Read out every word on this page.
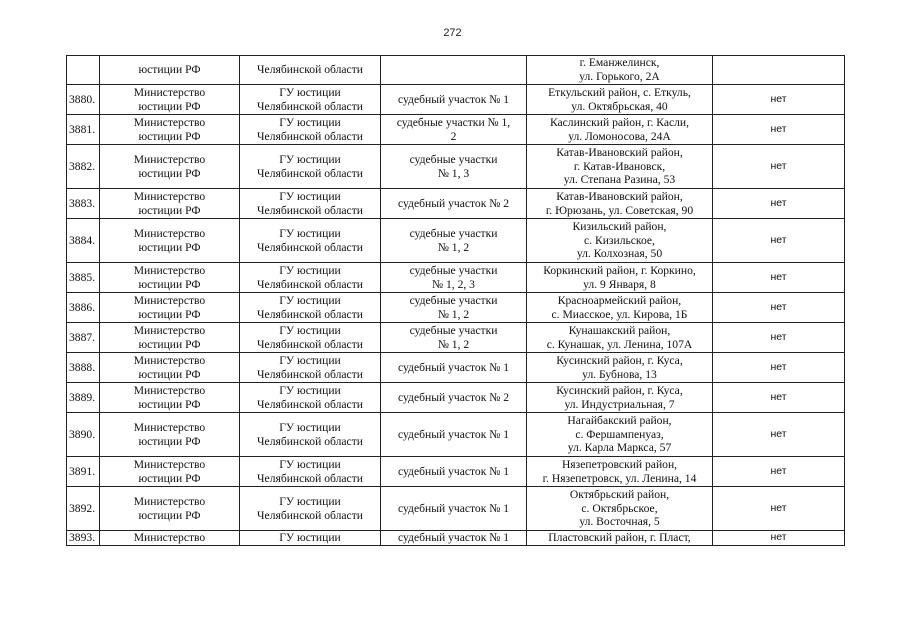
272
	юстиции РФ	Челябинской области		г. Еманжелинск,
ул. Горького, 2А	

3880.	Министерство
юстиции РФ	ГУ юстиции
Челябинской области	судебный участок № 1	Еткульский район, с. Еткуль,
ул. Октябрьская, 40	нет
3881.	Министерство
юстиции РФ	ГУ юстиции
Челябинской области	судебные участки № 1,
2	Каслинский район, г. Касли,
ул. Ломоносова, 24А	нет
3882.	Министерство
юстиции РФ	ГУ юстиции
Челябинской области	судебные участки
№ 1, 3	Катав-Ивановский район,
г. Катав-Ивановск,
ул. Степана Разина, 53	нет
3883.	Министерство
юстиции РФ	ГУ юстиции
Челябинской области	судебный участок № 2	Катав-Ивановский район,
г. Юрюзань, ул. Советская, 90	нет
3884.	Министерство
юстиции РФ	ГУ юстиции
Челябинской области	судебные участки
№ 1, 2	Кизильский район,
с. Кизильское,
ул. Колхозная, 50	нет
3885.	Министерство
юстиции РФ	ГУ юстиции
Челябинской области	судебные участки
№ 1, 2, 3	Коркинский район, г. Коркино,
ул. 9 Января, 8	нет
3886.	Министерство
юстиции РФ	ГУ юстиции
Челябинской области	судебные участки
№ 1, 2	Красноармейский район,
с. Миасское, ул. Кирова, 1Б	нет
3887.	Министерство
юстиции РФ	ГУ юстиции
Челябинской области	судебные участки
№ 1, 2	Кунашакский район,
с. Кунашак, ул. Ленина, 107А	нет
3888.	Министерство
юстиции РФ	ГУ юстиции
Челябинской области	судебный участок № 1	Кусинский район, г. Куса,
ул. Бубнова, 13	нет
3889.	Министерство
юстиции РФ	ГУ юстиции
Челябинской области	судебный участок № 2	Кусинский район, г. Куса,
ул. Индустриальная, 7	нет
3890.	Министерство
юстиции РФ	ГУ юстиции
Челябинской области	судебный участок № 1	Нагайбакский район,
с. Фершампенуаз,
ул. Карла Маркса, 57	нет
3891.	Министерство
юстиции РФ	ГУ юстиции
Челябинской области	судебный участок № 1	Нязепетровский район,
г. Нязепетровск, ул. Ленина, 14	нет
3892.	Министерство
юстиции РФ	ГУ юстиции
Челябинской области	судебный участок № 1	Октябрьский район,
с. Октябрьское,
ул. Восточная, 5	нет
3893.	Министерство	ГУ юстиции	судебный участок № 1	Пластовский район, г. Пласт,	нет
